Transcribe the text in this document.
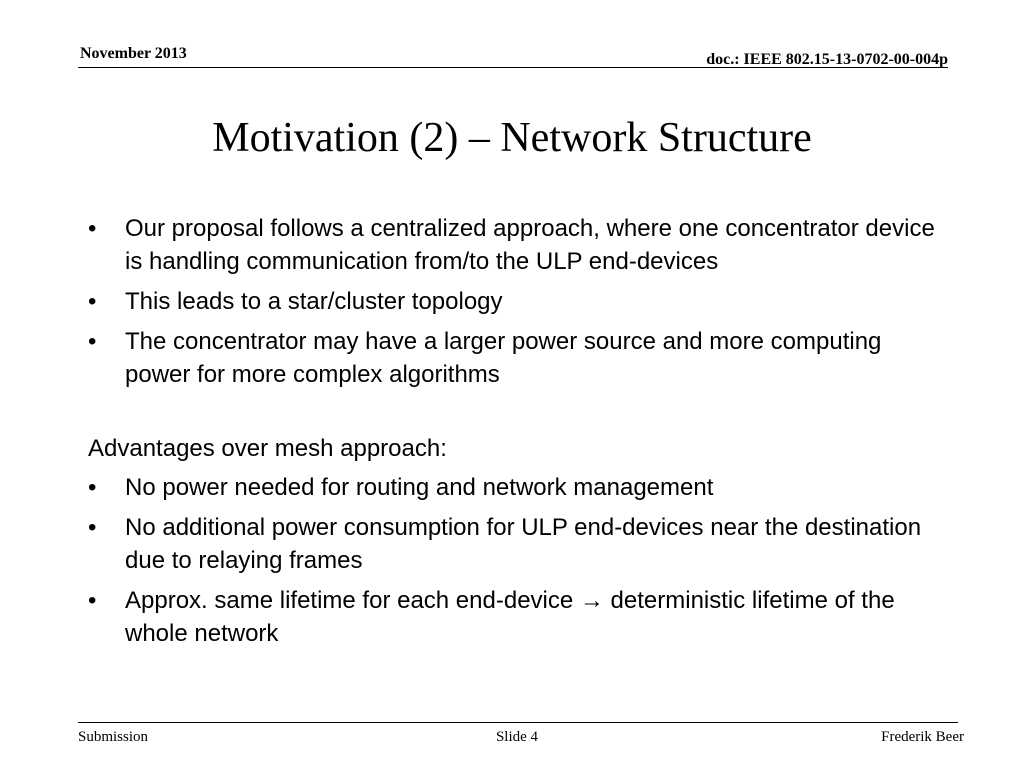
November 2013	doc.: IEEE 802.15-13-0702-00-004p
Motivation (2) – Network Structure
• Our proposal follows a centralized approach, where one concentrator device is handling communication from/to the ULP end-devices
• This leads to a star/cluster topology
• The concentrator may have a larger power source and more computing power for more complex algorithms
Advantages over mesh approach:
• No power needed for routing and network management
• No additional power consumption for ULP end-devices near the destination due to relaying frames
• Approx. same lifetime for each end-device → deterministic lifetime of the whole network
Submission	Slide 4	Frederik Beer
